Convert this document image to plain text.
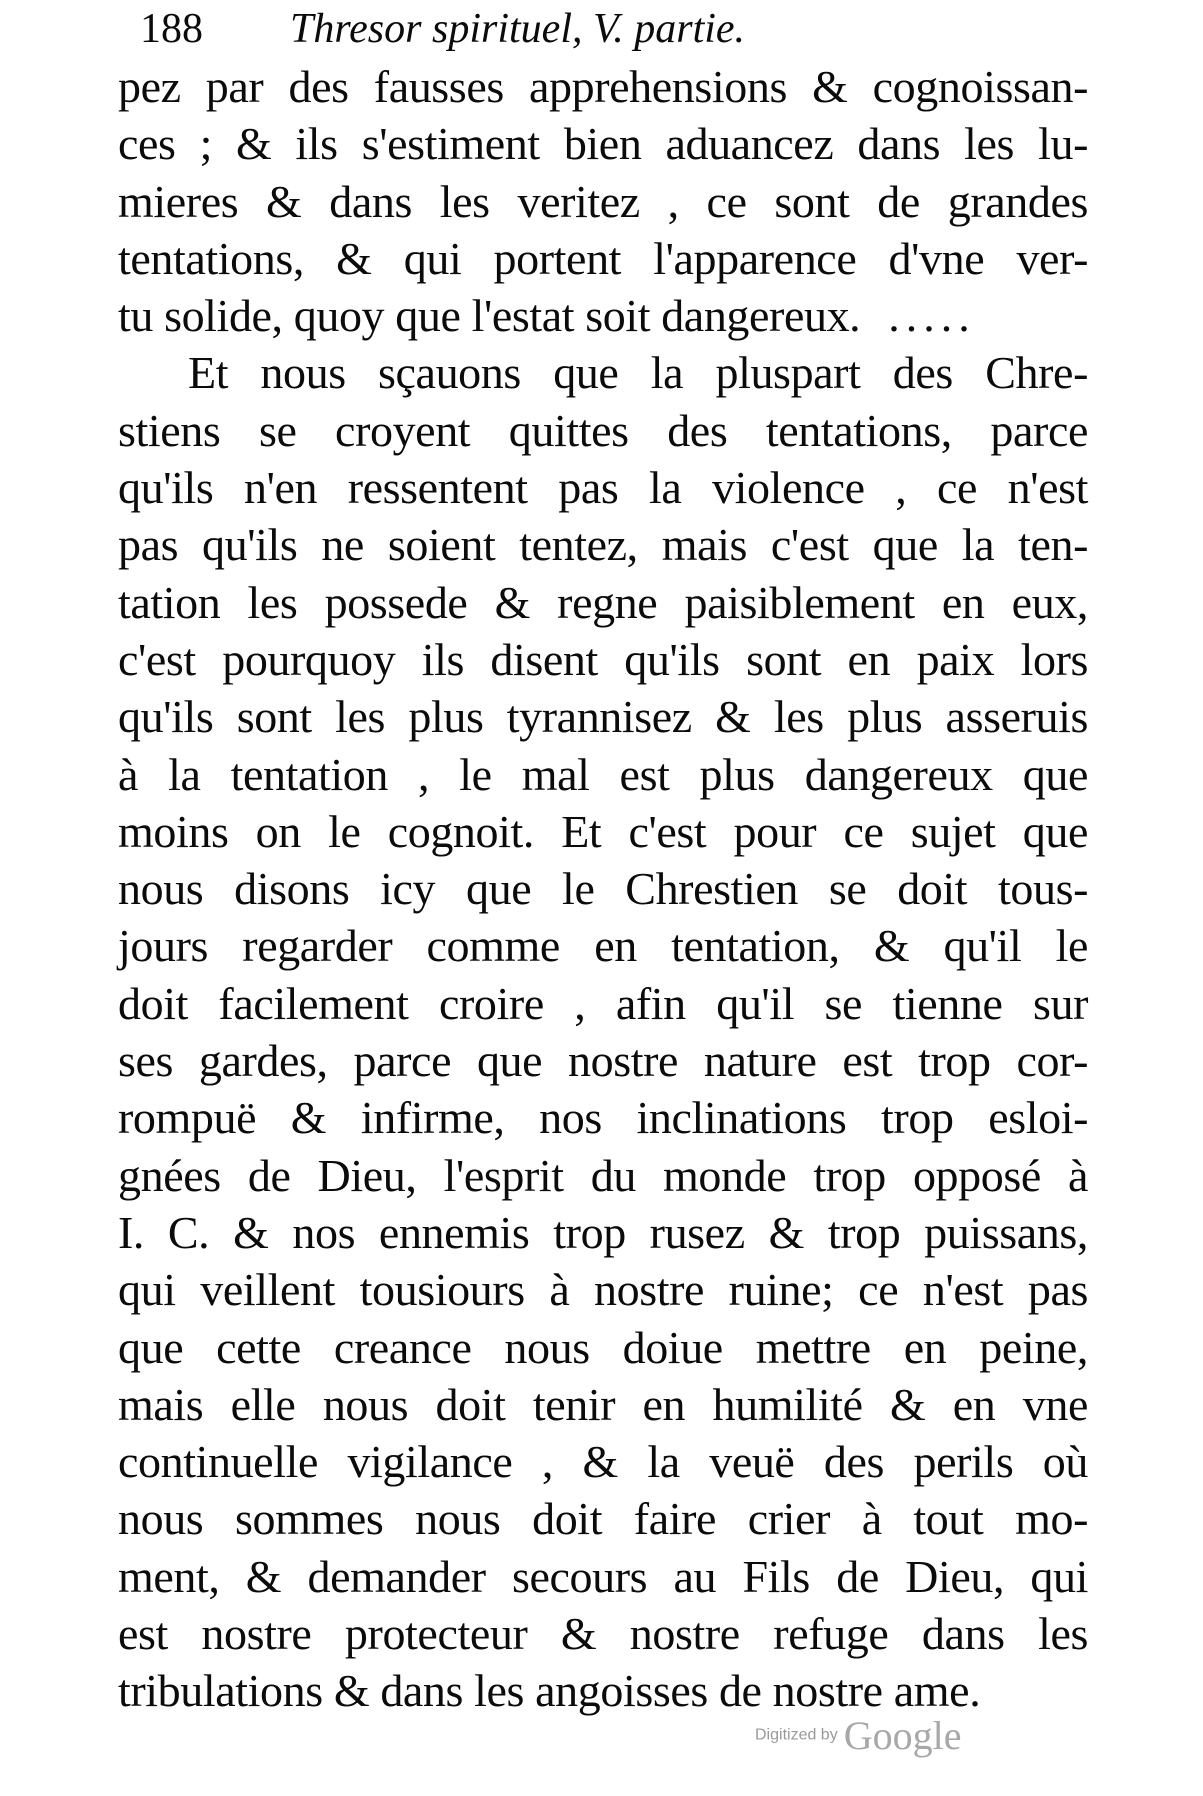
188 Thresor spirituel, V. partie.
pez par des fausses apprehensions & cognoissan-
ces ; & ils s'estiment bien aduancez dans les lu-
mieres & dans les veritez , ce sont de grandes
tentations, & qui portent l'apparence d'vne ver-
tu solide, quoy que l'estat soit dangereux. .....
Et nous sçauons que la pluspart des Chre-
stiens se croyent quittes des tentations, parce
qu'ils n'en ressentent pas la violence , ce n'est
pas qu'ils ne soient tentez, mais c'est que la ten-
tation les possede & regne paisiblement en eux,
c'est pourquoy ils disent qu'ils sont en paix lors
qu'ils sont les plus tyrannisez & les plus asseruis
à la tentation , le mal est plus dangereux que
moins on le cognoit. Et c'est pour ce sujet que
nous disons icy que le Chrestien se doit tous-
jours regarder comme en tentation, & qu'il le
doit facilement croire , afin qu'il se tienne sur
ses gardes, parce que nostre nature est trop cor-
rompuë & infirme, nos inclinations trop esloi-
gnées de Dieu, l'esprit du monde trop opposé à
I. C. & nos ennemis trop rusez & trop puissans,
qui veillent tousiours à nostre ruine; ce n'est pas
que cette creance nous doiue mettre en peine,
mais elle nous doit tenir en humilité & en vne
continuelle vigilance , & la veuë des perils où
nous sommes nous doit faire crier à tout mo-
ment, & demander secours au Fils de Dieu, qui
est nostre protecteur & nostre refuge dans les
tribulations & dans les angoisses de nostre ame.
Digitized by Google
